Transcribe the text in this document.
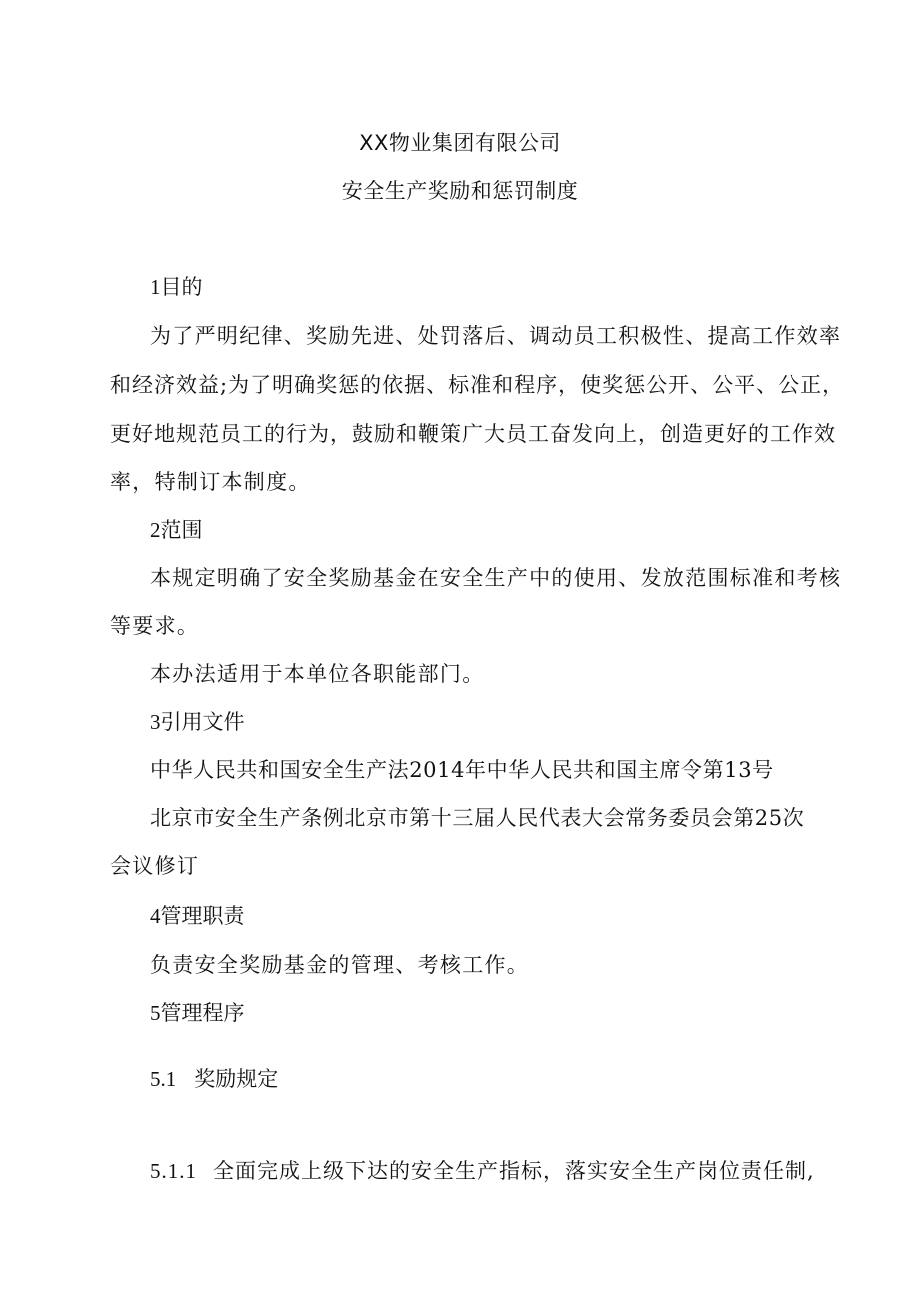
XX物业集团有限公司
安全生产奖励和惩罚制度
1目的
为了严明纪律、奖励先进、处罚落后、调动员工积极性、提高工作效率
和经济效益;为了明确奖惩的依据、标准和程序，使奖惩公开、公平、公正，
更好地规范员工的行为，鼓励和鞭策广大员工奋发向上，创造更好的工作效
率，特制订本制度。
2范围
本规定明确了安全奖励基金在安全生产中的使用、发放范围标准和考核
等要求。
本办法适用于本单位各职能部门。
3引用文件
中华人民共和国安全生产法2014年中华人民共和国主席令第13号
北京市安全生产条例北京市第十三届人民代表大会常务委员会第25次
会议修订
4管理职责
负责安全奖励基金的管理、考核工作。
5管理程序
5.1 奖励规定
5.1.1 全面完成上级下达的安全生产指标，落实安全生产岗位责任制,
